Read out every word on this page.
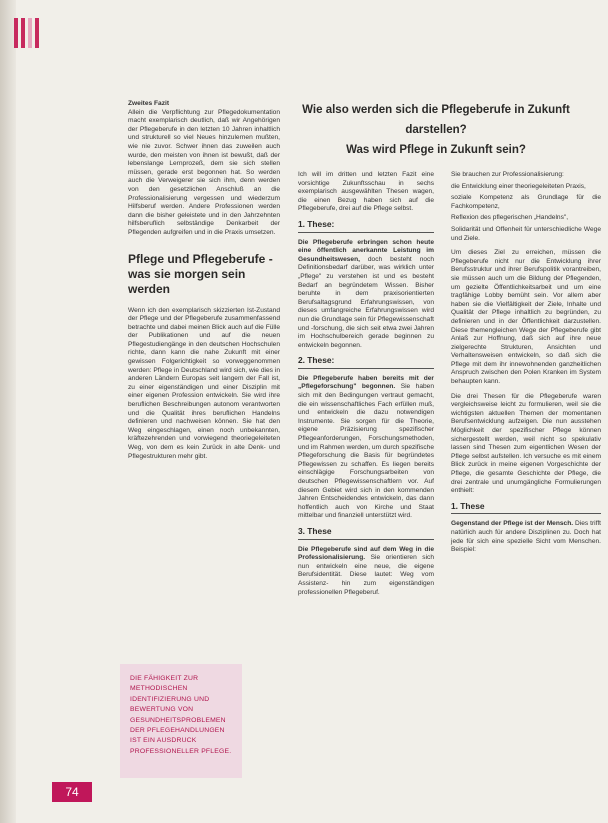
Zweites Fazit
Allein die Verpflichtung zur Pflegedokumentation macht exemplarisch deutlich, daß wir Angehörigen der Pflegeberufe in den letzten 10 Jahren inhaltlich und strukturell so viel Neues hinzulernen mußten, wie nie zuvor. Schwer ihnen das zuweilen auch wurde, den meisten von ihnen ist bewußt, daß der lebenslange Lernprozeß, dem sie sich stellen müssen, gerade erst begonnen hat. So werden auch die Verweigerer sie sich ihm, denn werden von den gesetzlichen Anschluß an die Professionalisierung vergessen und wiederzum Hilfsberuf werden. Andere Professionen werden dann die bisher geleistete und in den Jahrzehnten hilfsberuflich selbständige Denkarbeit der Pflegenden aufgreifen und in die Praxis umsetzen.

Pflege und Pflegeberufe - was sie morgen sein werden

Wenn ich den exemplarisch skizzierten Ist-Zustand der Pflege und der Pflegeberufe zusammenfassend betrachte und dabei meinen Blick auch auf die Fülle der Publikationen und auf die neuen Pflegestudiengänge in den deutschen Hochschulen richte, dann kann die nahe Zukunft mit einer gewissen Folgerichtigkeit so vorweggenommen werden: Pflege in Deutschland wird sich, wie dies in anderen Ländern Europas seit langem der Fall ist, zu einer eigenständigen und einer Disziplin mit einer eigenen Profession entwickeln. Sie wird ihre beruflichen Beschreibungen autonom verantworten und die Qualität ihres beruflichen Handelns definieren und nachweisen können. Sie hat den Weg eingeschlagen, einen noch unbekannten, kräftezehrenden und vorwiegend theoriegeleiteten Weg, von dem es kein Zurück in alte Denk- und Pflegestrukturen mehr gibt.

DIE FÄHIGKEIT ZUR METHODISCHEN IDENTIFIZIERUNG UND BEWERTUNG VON GESUNDHEITSPROBLEMEN DER PFLEGEHANDLUNGEN IST EIN AUSDRUCK PROFESSIONELLER PFLEGE.
74
Wie also werden sich die Pflegeberufe in Zukunft
darstellen?
Was wird Pflege in Zukunft sein?

Ich will im dritten und letzten Fazit eine vorsichtige Zukunftsschau in sechs exemplarisch ausgewählten Thesen wagen, die einen Bezug haben sich auf die Pflegeberufe, drei auf die Pflege selbst.

1. These:

Die Pflegeberufe erbringen schon heute eine öffentlich anerkannte Leistung im Gesundheitswesen, doch besteht noch Definitionsbedarf darüber, was wirklich unter „Pflege" zu verstehen ist und es besteht Bedarf an begründetem Wissen. Bisher beruhte in dem praxisorientierten Berufsaltagsgrund Erfahrungswissen, von dieses umfangreiche Erfahrungswissen wird nun die Grundlage sein für Pflegewissenschaft und -forschung, die sich seit etwa zwei Jahren im Hochschulbereich gerade beginnen zu entwickeln begonnen.

2. These:

Die Pflegeberufe haben bereits mit der „Pflegeforschung" begonnen. Sie haben sich mit den Bedingungen vertraut gemacht, die ein wissenschaftliches Fach erfüllen muß, und entwickeln die dazu notwendigen Instrumente. Sie sorgen für die Theorie, eigene Präzisierung spezifischer Pflegeanforderungen, Forschungsmethoden, und im Rahmen werden, um durch spezifische Pflegeforschung die Basis für begründetes Pflegewissen zu schaffen. Es liegen bereits einschlägige Forschungsarbeiten von deutschen Pflegewissenschaftlern vor. Auf diesem Gebiet wird sich in den kommenden Jahren Entscheidendes entwickeln, das dann hoffentlich auch von Kirche und Staat mittelbar und finanziell unterstützt wird.

3. These

Die Pflegeberufe sind auf dem Weg in die Professionalisierung. Sie orientieren sich nun entwickeln eine neue, die eigene Berufsidentität. Diese lautet: Weg vom Assistenz- hin zum eigenständigen professionellen Pflegeberuf.

Sie brauchen zur Professionalisierung:

die Entwicklung einer theoriegeleiteten Praxis,

soziale Kompetenz als Grundlage für die Fachkompetenz,

Reflexion des pflegerischen „Handelns",

Solidarität und Offenheit für unterschiedliche Wege und Ziele.

Um dieses Ziel zu erreichen, müssen die Pflegeberufe nicht nur die Entwicklung ihrer Berufsstruktur und ihrer Berufspolitik vorantreiben, sie müssen auch um die Bildung der Pflegenden, um gezielte Öffentlichkeitsarbeit und um eine tragfähige Lobby bemüht sein. Vor allem aber haben sie die Vielfältigkeit der Ziele, Inhalte und Qualität der Pflege inhaltlich zu begründen, zu definieren und in der Öffentlichkeit darzustellen. Diese themengleichen Wege der Pflegeberufe gibt Anlaß zur Hoffnung, daß sich auf ihre neue zielgerechte Strukturen, Ansichten und Verhaltensweisen entwickeln, so daß sich die Pflege mit dem ihr innewohnenden ganzheitlichen Anspruch zwischen den Polen Kranken im System behaupten kann.

Die drei Thesen für die Pflegeberufe waren vergleichsweise leicht zu formulieren, weil sie die wichtigsten aktuellen Themen der momentanen Berufsentwicklung aufzeigen. Die nun ausstehen Möglichkeit der spezifischer Pflege können sichergestellt werden, weil nicht so spekulativ lassen sind Thesen zum eigentlichen Wesen der Pflege selbst aufstellen. Ich versuche es mit einem Blick zurück in meine eigenen Vorgeschichte der Pflege, die gesamte Geschichte der Pflege, die drei zentrale und unumgängliche Formulierungen enthielt:

1. These

Gegenstand der Pflege ist der Mensch. Dies trifft natürlich auch für andere Disziplinen zu. Doch hat jede für sich eine spezielle Sicht vom Menschen. Beispiel:
